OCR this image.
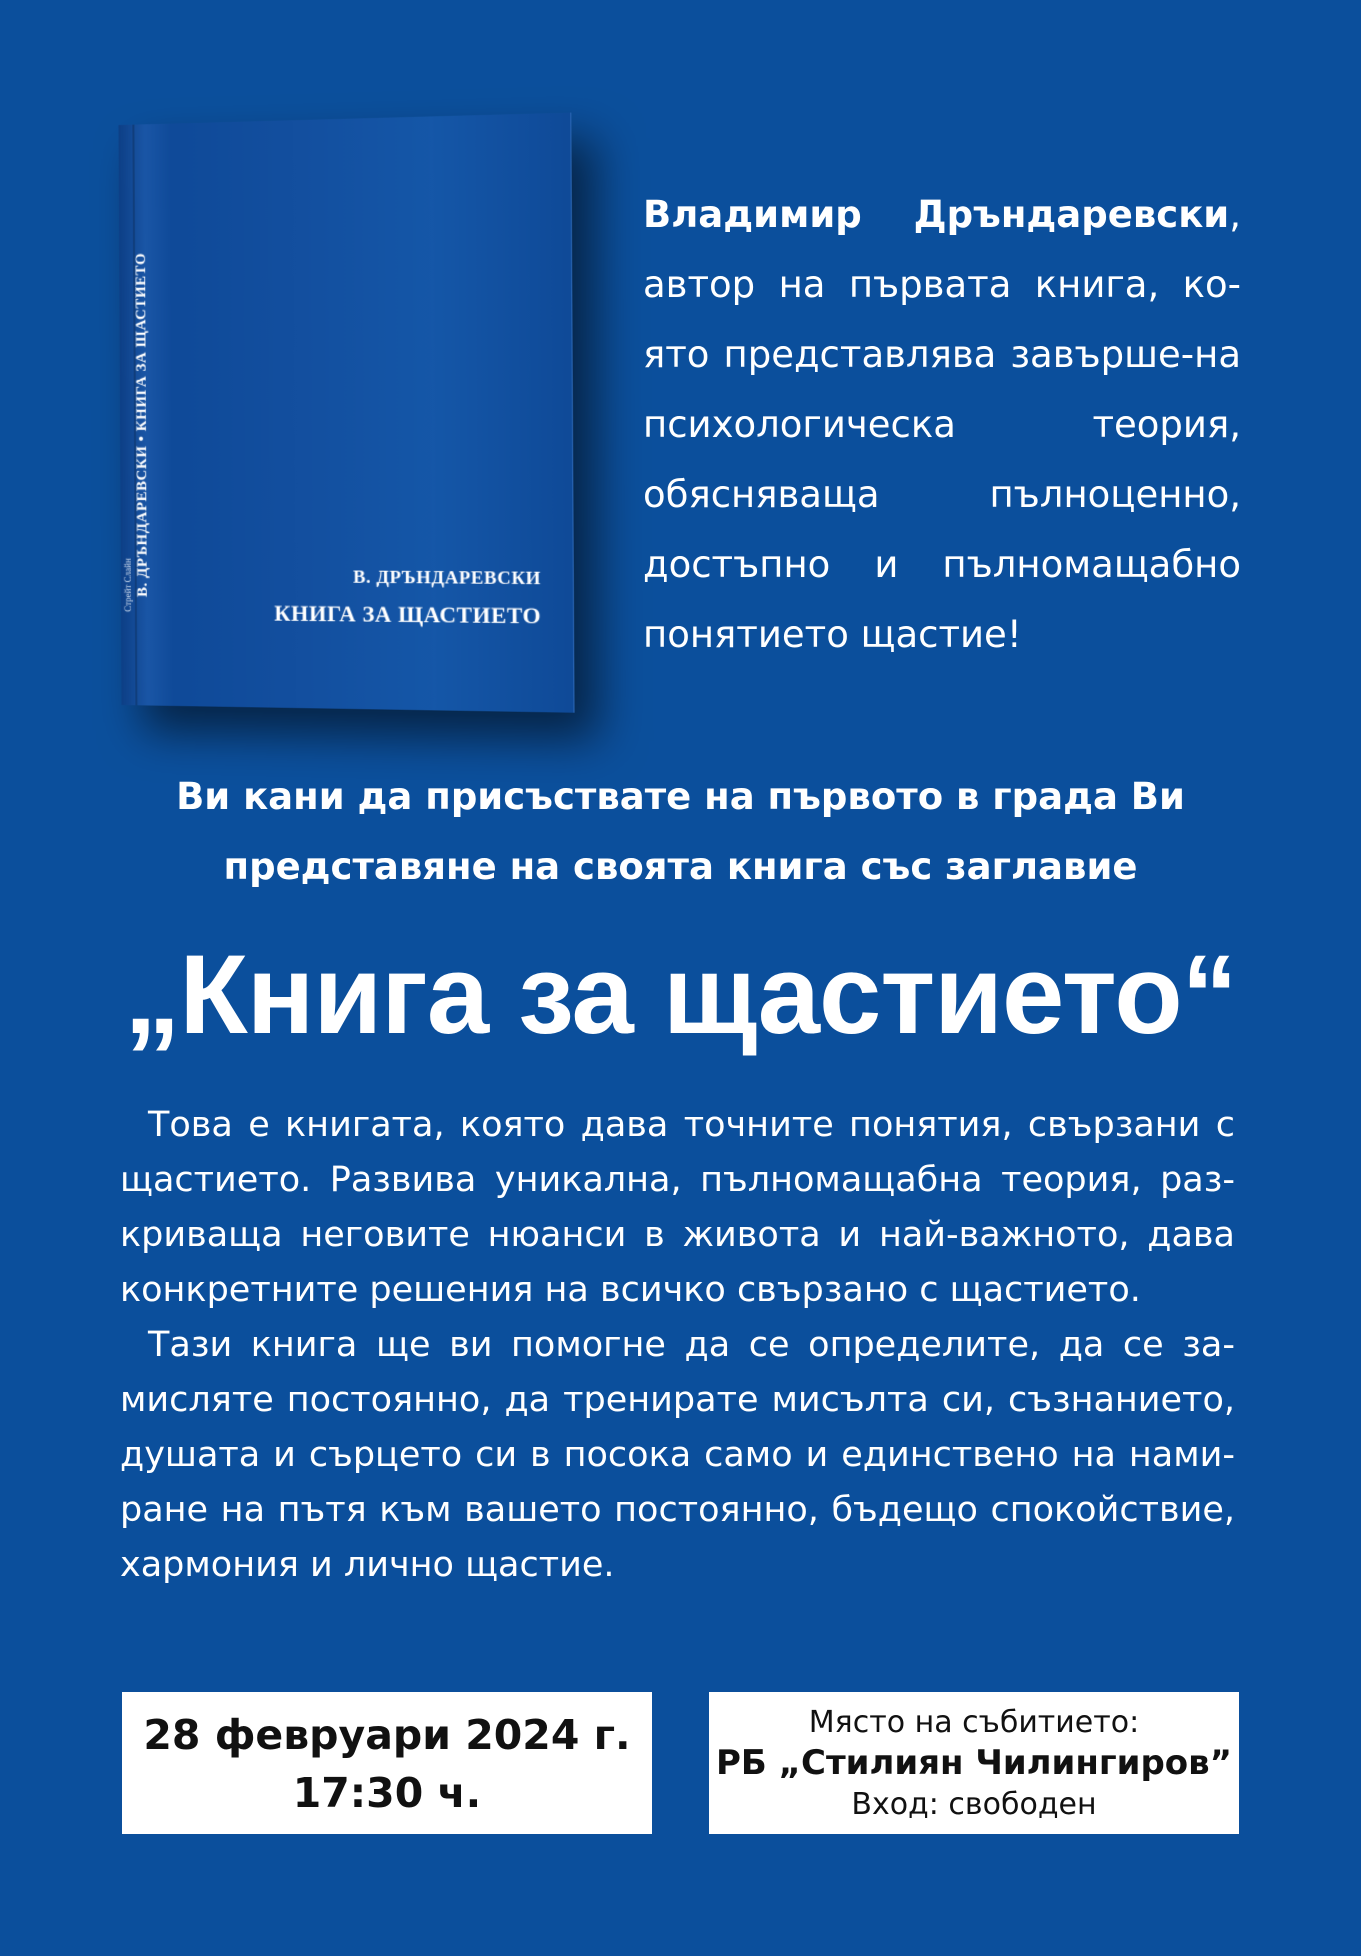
В. ДРЪНДАРЕВСКИ • КНИГА ЗА ЩАСТИЕТО
Стрейт Слайн	В. ДРЪНДАРЕВСКИ
КНИГА ЗА ЩАСТИЕТО
Владимир Дръндаревски, автор на първата книга, ко-ято представлява завърше-на психологическа теория, обясняваща пълноценно, достъпно и пълномащабно понятието щастие!
Ви кани да присъствате на първото в града Ви
представяне на своята книга със заглавие
„Книга за щастието“

Това е книгата, която дава точните понятия, свързани с щастието. Развива уникална, пълномащабна теория, раз-криваща неговите нюанси в живота и най-важното, дава конкретните решения на всичко свързано с щастието.

Тази книга ще ви помогне да се определите, да се за-мисляте постоянно, да тренирате мисълта си, съзнанието, душата и сърцето си в посока само и единствено на нами-ране на пътя към вашето постоянно, бъдещо спокойствие, хармония и лично щастие.

28 февруари 2024 г.
17:30 ч.
Място на събитието:
РБ „Стилиян Чилингиров”
Вход: свободен
